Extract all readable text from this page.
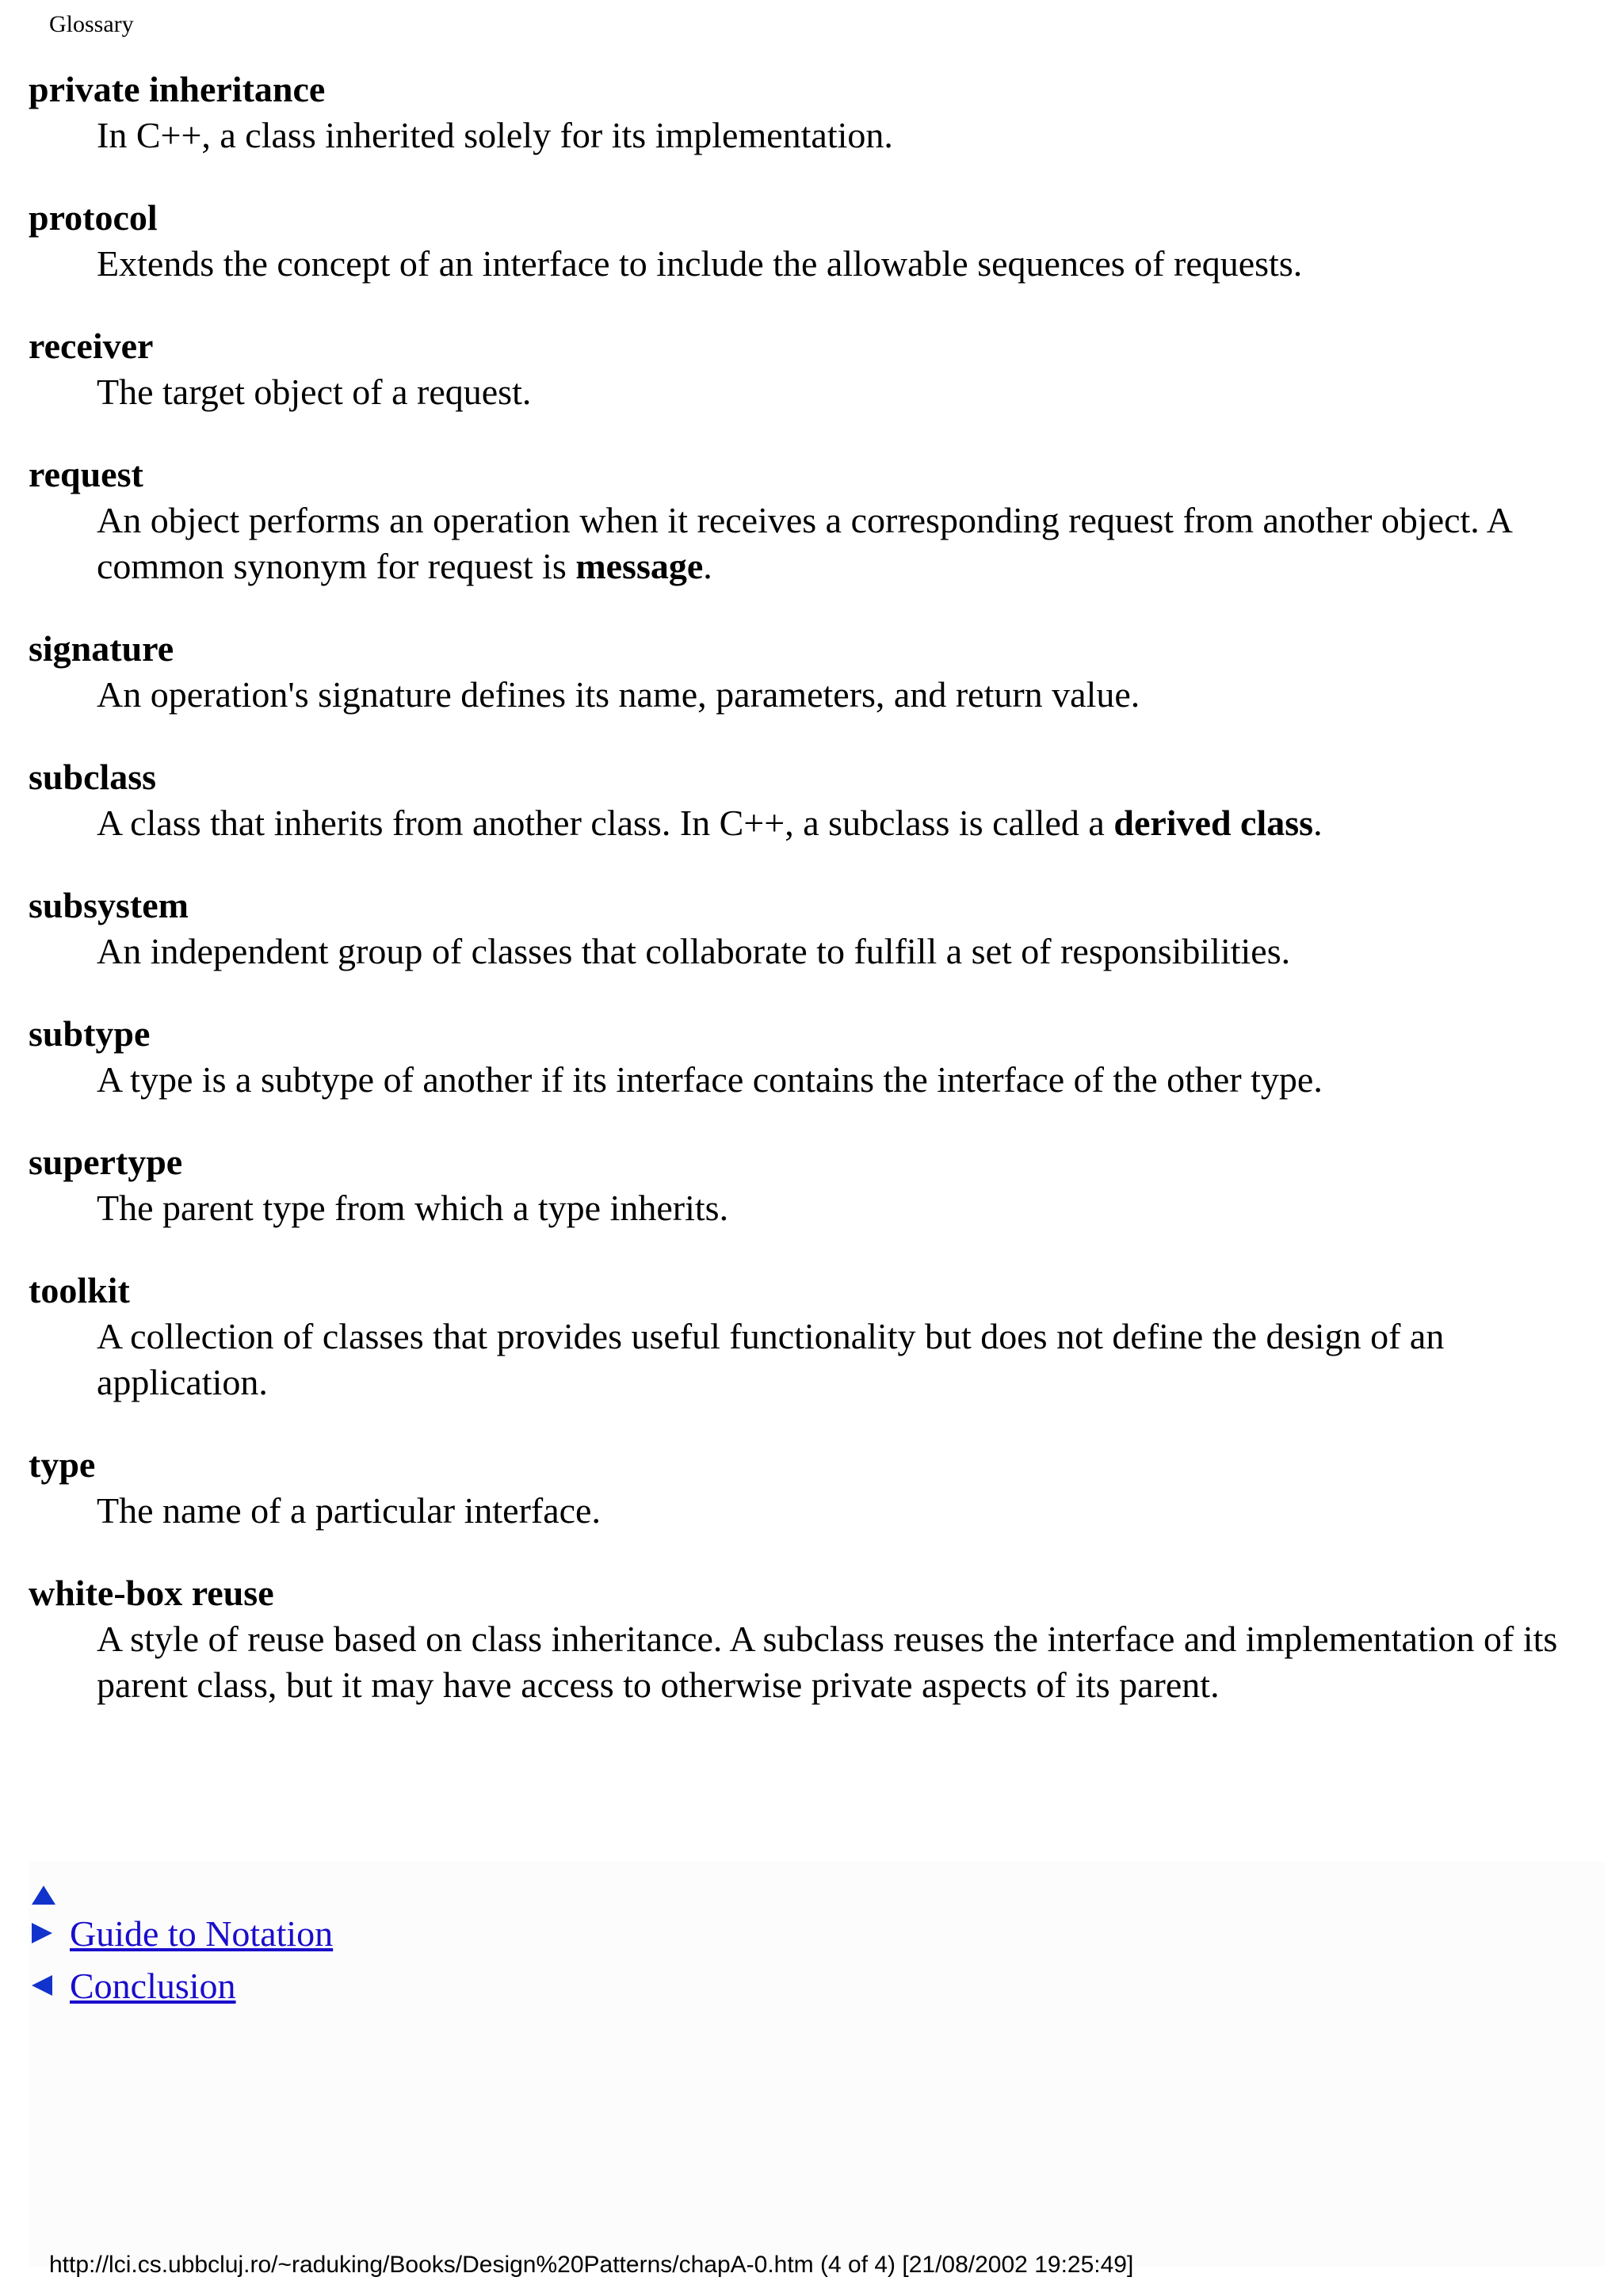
Glossary
private inheritance
In C++, a class inherited solely for its implementation.
protocol
Extends the concept of an interface to include the allowable sequences of requests.
receiver
The target object of a request.
request
An object performs an operation when it receives a corresponding request from another object. A common synonym for request is message.
signature
An operation's signature defines its name, parameters, and return value.
subclass
A class that inherits from another class. In C++, a subclass is called a derived class.
subsystem
An independent group of classes that collaborate to fulfill a set of responsibilities.
subtype
A type is a subtype of another if its interface contains the interface of the other type.
supertype
The parent type from which a type inherits.
toolkit
A collection of classes that provides useful functionality but does not define the design of an application.
type
The name of a particular interface.
white-box reuse
A style of reuse based on class inheritance. A subclass reuses the interface and implementation of its parent class, but it may have access to otherwise private aspects of its parent.
Guide to Notation
Conclusion
http://lci.cs.ubbcluj.ro/~raduking/Books/Design%20Patterns/chapA-0.htm (4 of 4) [21/08/2002 19:25:49]
